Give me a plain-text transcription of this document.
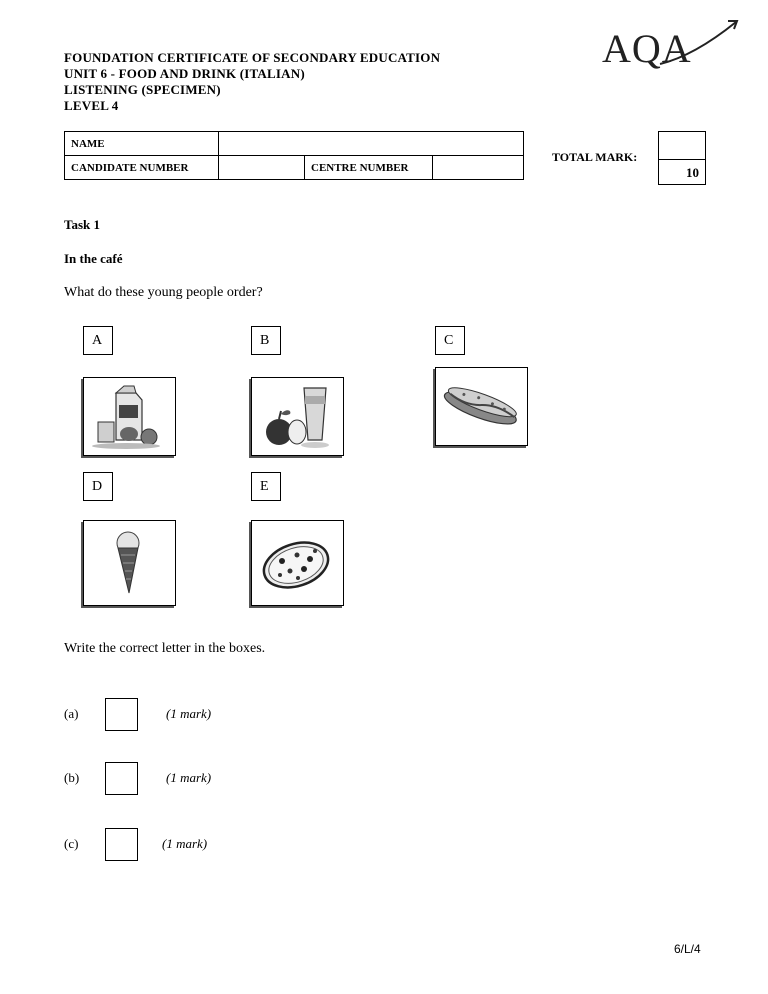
FOUNDATION CERTIFICATE OF SECONDARY EDUCATION
UNIT 6 - FOOD AND DRINK (ITALIAN)
LISTENING (SPECIMEN)
LEVEL 4
AQA
NAME			
CANDIDATE NUMBER		CENTRE NUMBER	
TOTAL MARK:
10
Task 1
In the café
What do these young people order?
A	B	C
D	E
Write the correct letter in the boxes.
(a)	(1 mark)
(b)	(1 mark)
(c)	(1 mark)
6/L/4
